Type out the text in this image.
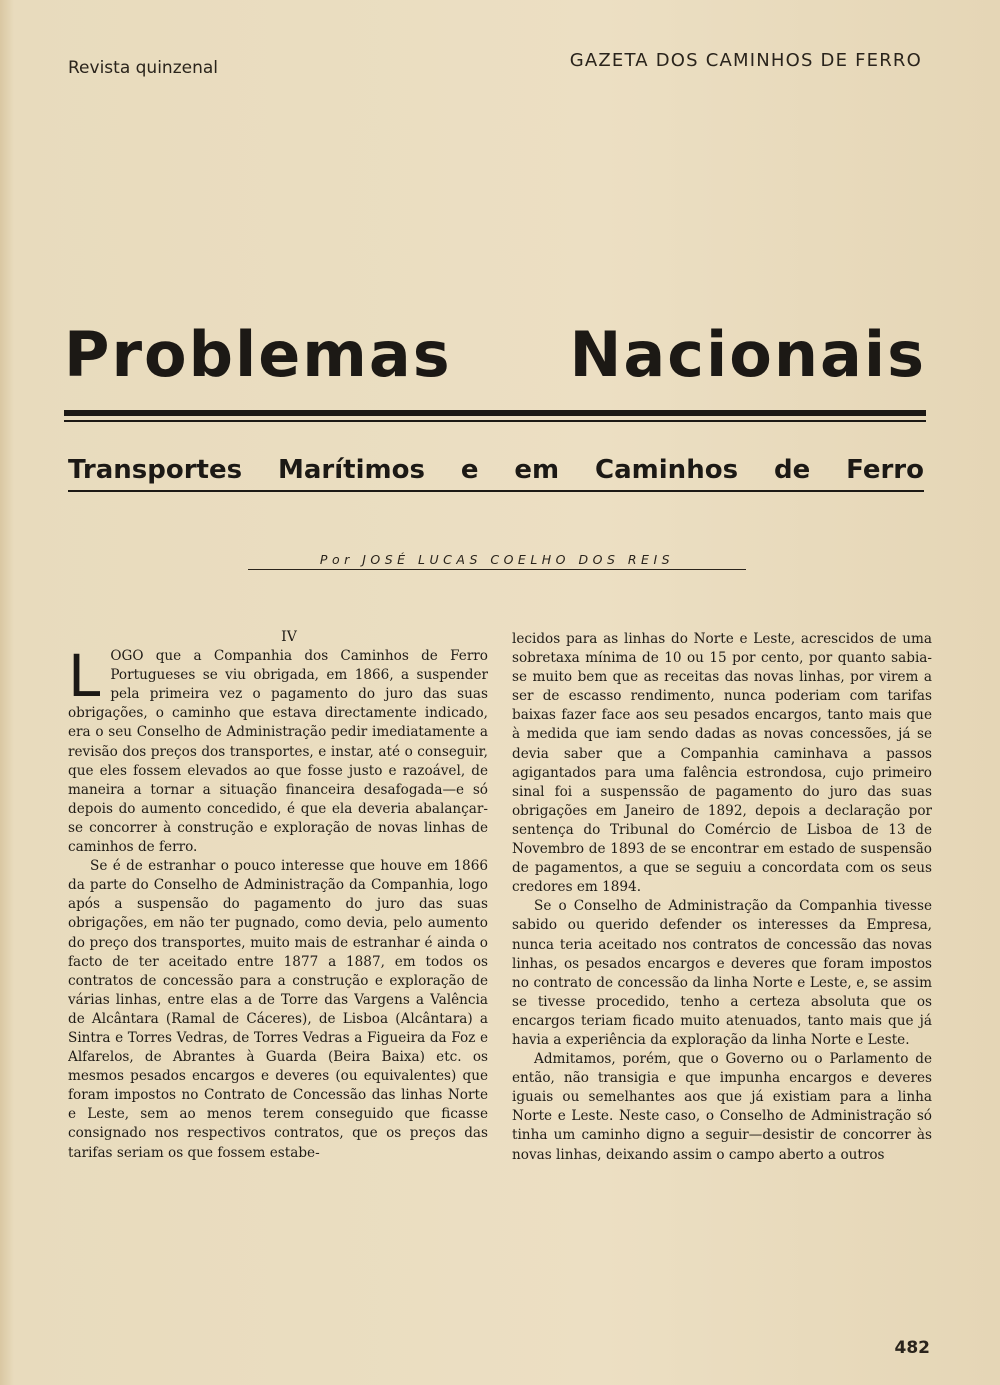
Revista quinzenal	GAZETA DOS CAMINHOS DE FERRO
Problemas Nacionais
Transportes Marítimos e em Caminhos de Ferro
Por JOSÉ LUCAS COELHO DOS REIS

IV

LOGO que a Companhia dos Caminhos de Ferro Portugueses se viu obrigada, em 1866, a suspender pela primeira vez o pagamento do juro das suas obrigações, o caminho que estava directamente indicado, era o seu Conselho de Administração pedir imediatamente a revisão dos preços dos transportes, e instar, até o conseguir, que eles fossem elevados ao que fosse justo e razoável, de maneira a tornar a situação financeira desafogada—e só depois do aumento concedido, é que ela deveria abalançar-se concorrer à construção e exploração de novas linhas de caminhos de ferro.

Se é de estranhar o pouco interesse que houve em 1866 da parte do Conselho de Administração da Companhia, logo após a suspensão do pagamento do juro das suas obrigações, em não ter pugnado, como devia, pelo aumento do preço dos transportes, muito mais de estranhar é ainda o facto de ter aceitado entre 1877 a 1887, em todos os contratos de concessão para a construção e exploração de várias linhas, entre elas a de Torre das Vargens a Valência de Alcântara (Ramal de Cáceres), de Lisboa (Alcântara) a Sintra e Torres Vedras, de Torres Vedras a Figueira da Foz e Alfarelos, de Abrantes à Guarda (Beira Baixa) etc. os mesmos pesados encargos e deveres (ou equivalentes) que foram impostos no Contrato de Concessão das linhas Norte e Leste, sem ao menos terem conseguido que ficasse consignado nos respectivos contratos, que os preços das tarifas seriam os que fossem estabe-

lecidos para as linhas do Norte e Leste, acrescidos de uma sobretaxa mínima de 10 ou 15 por cento, por quanto sabia-se muito bem que as receitas das novas linhas, por virem a ser de escasso rendimento, nunca poderiam com tarifas baixas fazer face aos seu pesados encargos, tanto mais que à medida que iam sendo dadas as novas concessões, já se devia saber que a Companhia caminhava a passos agigantados para uma falência estrondosa, cujo primeiro sinal foi a suspenssão de pagamento do juro das suas obrigações em Janeiro de 1892, depois a declaração por sentença do Tribunal do Comércio de Lisboa de 13 de Novembro de 1893 de se encontrar em estado de suspensão de pagamentos, a que se seguiu a concordata com os seus credores em 1894.

Se o Conselho de Administração da Companhia tivesse sabido ou querido defender os interesses da Empresa, nunca teria aceitado nos contratos de concessão das novas linhas, os pesados encargos e deveres que foram impostos no contrato de concessão da linha Norte e Leste, e, se assim se tivesse procedido, tenho a certeza absoluta que os encargos teriam ficado muito atenuados, tanto mais que já havia a experiência da exploração da linha Norte e Leste.

Admitamos, porém, que o Governo ou o Parlamento de então, não transigia e que impunha encargos e deveres iguais ou semelhantes aos que já existiam para a linha Norte e Leste. Neste caso, o Conselho de Administração só tinha um caminho digno a seguir—desistir de concorrer às novas linhas, deixando assim o campo aberto a outros

482
